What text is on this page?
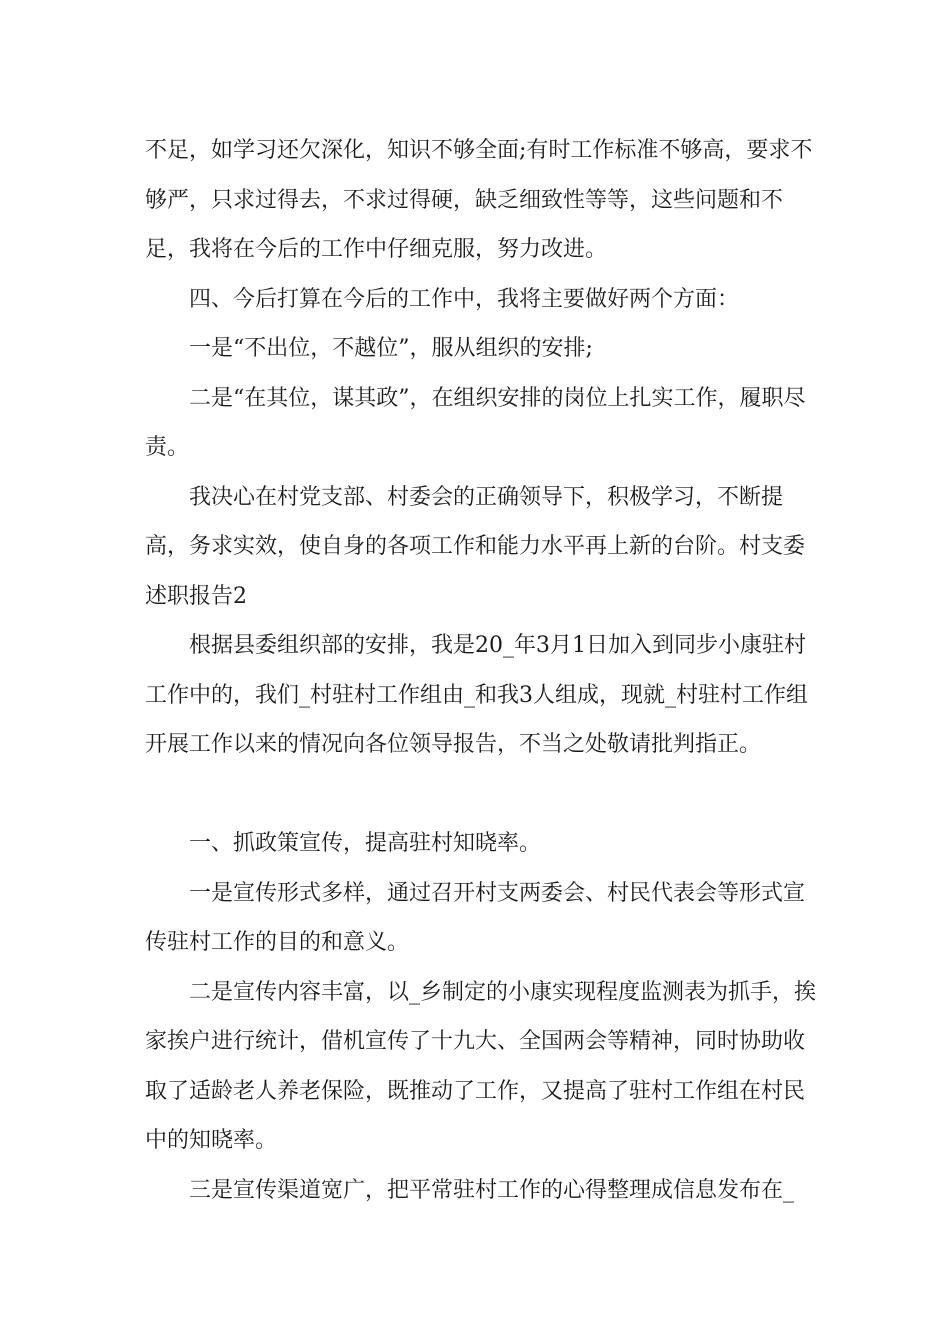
不足，如学习还欠深化，知识不够全面;有时工作标准不够高，要求不够严，只求过得去，不求过得硬，缺乏细致性等等，这些问题和不足，我将在今后的工作中仔细克服，努力改进。

四、今后打算在今后的工作中，我将主要做好两个方面：

一是“不出位，不越位”，服从组织的安排;

二是“在其位，谋其政”，在组织安排的岗位上扎实工作，履职尽责。

我决心在村党支部、村委会的正确领导下，积极学习，不断提高，务求实效，使自身的各项工作和能力水平再上新的台阶。村支委述职报告2

根据县委组织部的安排，我是20_年3月1日加入到同步小康驻村工作中的，我们_村驻村工作组由_和我3人组成，现就_村驻村工作组开展工作以来的情况向各位领导报告，不当之处敬请批判指正。

一、抓政策宣传，提高驻村知晓率。

一是宣传形式多样，通过召开村支两委会、村民代表会等形式宣传驻村工作的目的和意义。

二是宣传内容丰富，以_乡制定的小康实现程度监测表为抓手，挨家挨户进行统计，借机宣传了十九大、全国两会等精神，同时协助收取了适龄老人养老保险，既推动了工作，又提高了驻村工作组在村民中的知晓率。

三是宣传渠道宽广，把平常驻村工作的心得整理成信息发布在_
